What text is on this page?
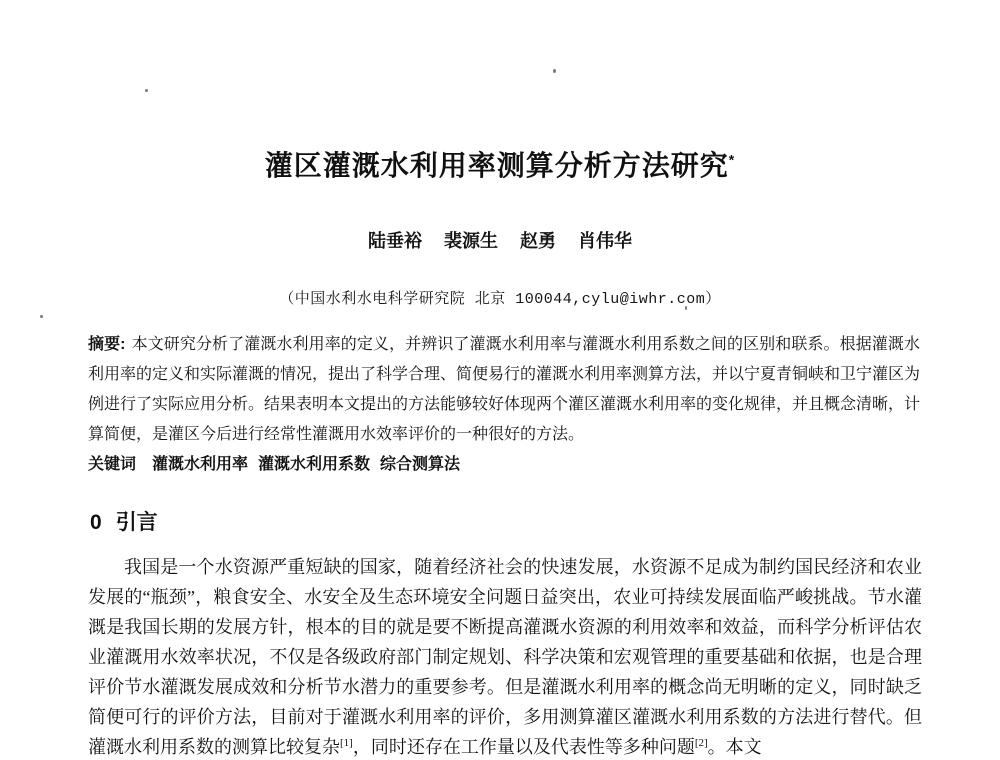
灌区灌溉水利用率测算分析方法研究*
陆垂裕 裴源生 赵勇 肖伟华
（中国水利水电科学研究院 北京 100044,cylu@iwhr.com）

摘要: 本文研究分析了灌溉水利用率的定义，并辨识了灌溉水利用率与灌溉水利用系数之间的区别和联系。根据灌溉水利用率的定义和实际灌溉的情况，提出了科学合理、简便易行的灌溉水利用率测算方法，并以宁夏青铜峡和卫宁灌区为例进行了实际应用分析。结果表明本文提出的方法能够较好体现两个灌区灌溉水利用率的变化规律，并且概念清晰，计算简便，是灌区今后进行经常性灌溉用水效率评价的一种很好的方法。

关键词 灌溉水利用率 灌溉水利用系数 综合测算法

0 引言

我国是一个水资源严重短缺的国家，随着经济社会的快速发展，水资源不足成为制约国民经济和农业发展的“瓶颈”，粮食安全、水安全及生态环境安全问题日益突出，农业可持续发展面临严峻挑战。节水灌溉是我国长期的发展方针，根本的目的就是要不断提高灌溉水资源的利用效率和效益，而科学分析评估农业灌溉用水效率状况，不仅是各级政府部门制定规划、科学决策和宏观管理的重要基础和依据，也是合理评价节水灌溉发展成效和分析节水潜力的重要参考。但是灌溉水利用率的概念尚无明晰的定义，同时缺乏简便可行的评价方法，目前对于灌溉水利用率的评价，多用测算灌区灌溉水利用系数的方法进行替代。但灌溉水利用系数的测算比较复杂[1]，同时还存在工作量以及代表性等多种问题[2]。本文
